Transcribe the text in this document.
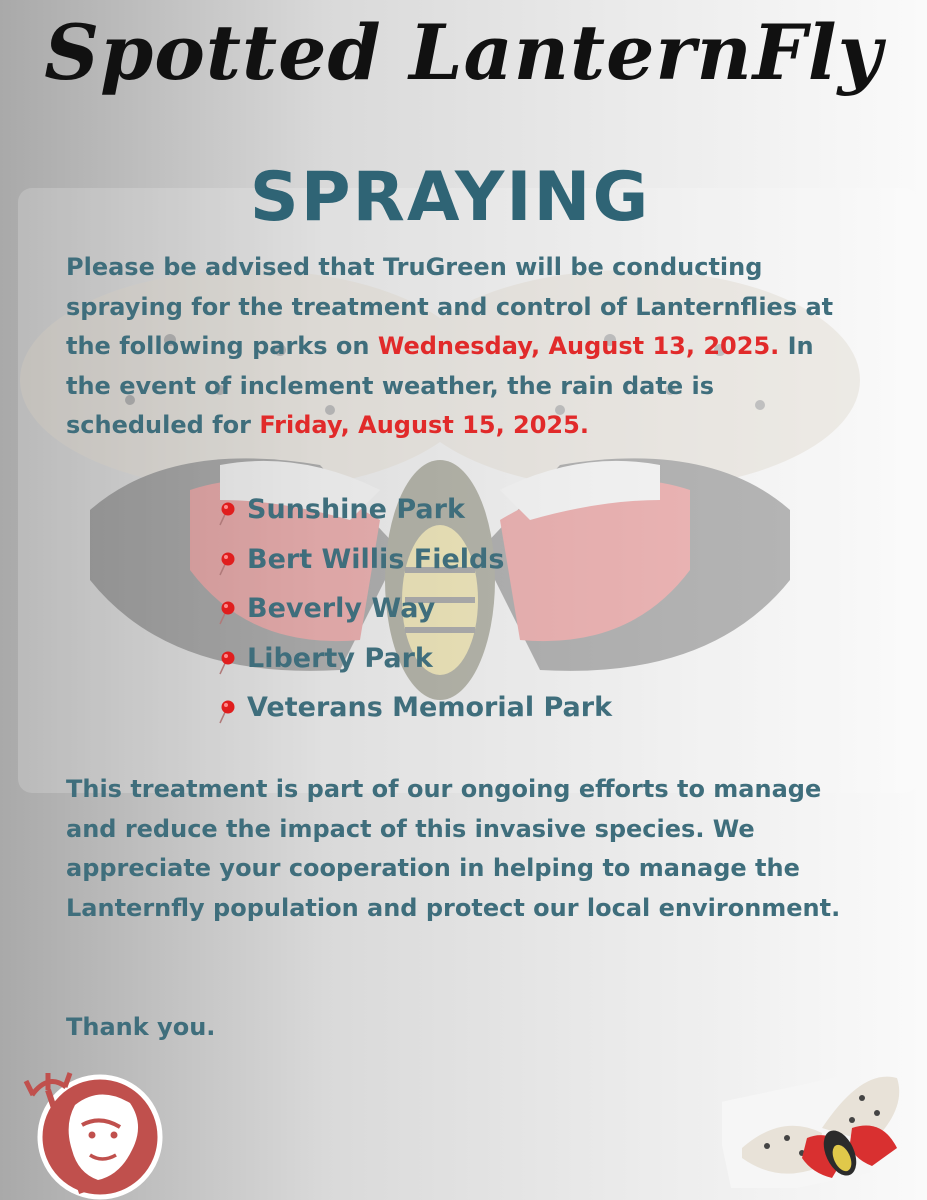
Spotted LanternFly
SPRAYING

Please be advised that TruGreen will be conducting spraying for the treatment and control of Lanternflies at the following parks on Wednesday, August 13, 2025. In the event of inclement weather, the rain date is scheduled for Friday, August 15, 2025.

Sunshine Park
Bert Willis Fields
Beverly Way
Liberty Park
Veterans Memorial Park

This treatment is part of our ongoing efforts to manage and reduce the impact of this invasive species. We appreciate your cooperation in helping to manage the Lanternfly population and protect our local environment.

Thank you.
